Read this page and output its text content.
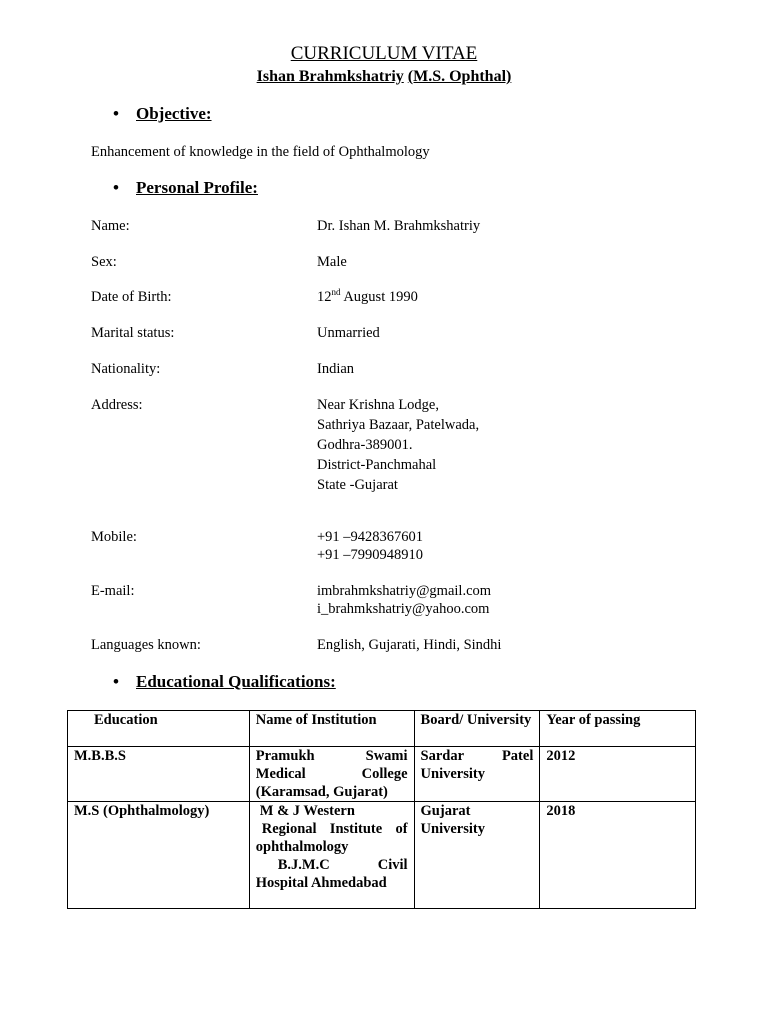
CURRICULUM VITAE
Ishan Brahmkshatriy (M.S. Ophthal)
• Objective:
Enhancement of knowledge in the field of Ophthalmology
• Personal Profile:
Name:	Dr. Ishan M. Brahmkshatriy
Sex:	Male
Date of Birth:	12nd August 1990
Marital status:	Unmarried
Nationality:	Indian
Address:	Near Krishna Lodge,
Sathriya Bazaar, Patelwada,
Godhra-389001.
District-Panchmahal
State -Gujarat
Mobile:	+91 –9428367601
+91 –7990948910
E-mail:	imbrahmkshatriy@gmail.com
i_brahmkshatriy@yahoo.com
Languages known:	English, Gujarati, Hindi, Sindhi
• Educational Qualifications:
Education	Name of Institution	Board/ University	Year of passing
M.B.B.S	Pramukh Swami
Medical College
(Karamsad, Gujarat)	Sardar Patel
University	2012
M.S (Ophthalmology)	M & J Western
Regional Institute of
ophthalmology
B.J.M.C Civil
Hospital Ahmedabad	Gujarat
University	2018
